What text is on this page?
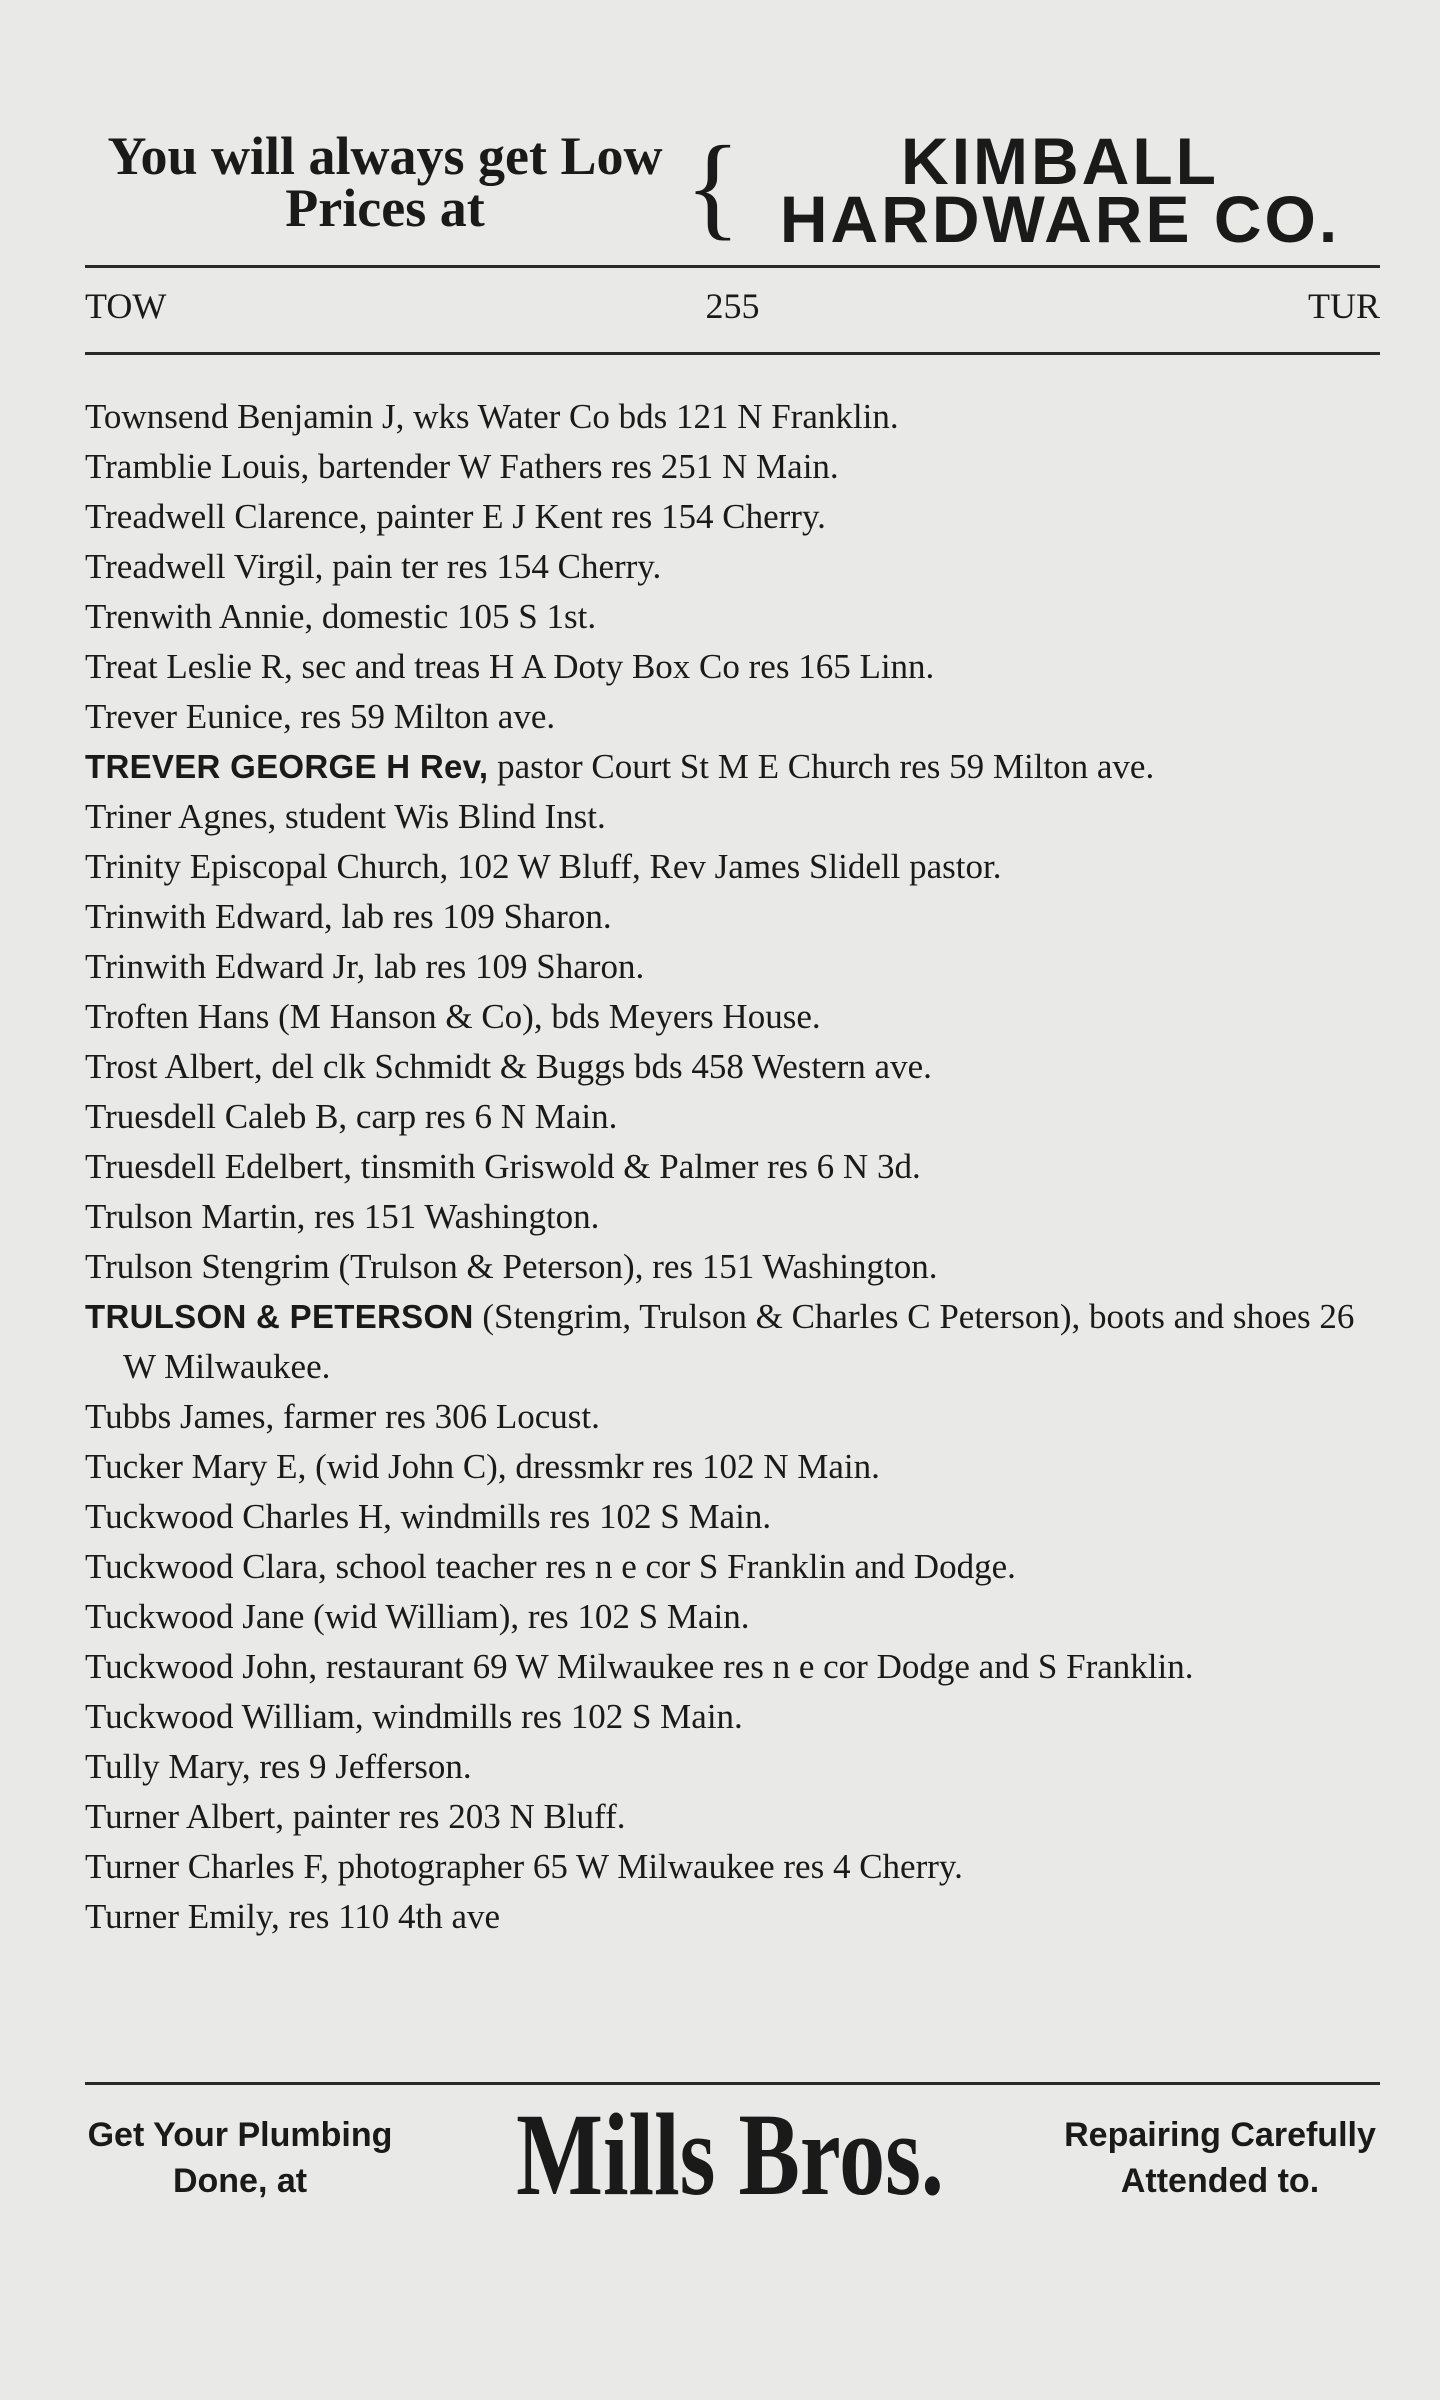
You will always get Low
Prices at	{	KIMBALL
HARDWARE CO.
TOW	255	TUR
Townsend Benjamin J, wks Water Co bds 121 N Franklin.
Tramblie Louis, bartender W Fathers res 251 N Main.
Treadwell Clarence, painter E J Kent res 154 Cherry.
Treadwell Virgil, pain ter res 154 Cherry.
Trenwith Annie, domestic 105 S 1st.
Treat Leslie R, sec and treas H A Doty Box Co res 165 Linn.
Trever Eunice, res 59 Milton ave.
TREVER GEORGE H Rev, pastor Court St M E Church res 59 Milton ave.
Triner Agnes, student Wis Blind Inst.
Trinity Episcopal Church, 102 W Bluff, Rev James Slidell pastor.
Trinwith Edward, lab res 109 Sharon.
Trinwith Edward Jr, lab res 109 Sharon.
Troften Hans (M Hanson & Co), bds Meyers House.
Trost Albert, del clk Schmidt & Buggs bds 458 Western ave.
Truesdell Caleb B, carp res 6 N Main.
Truesdell Edelbert, tinsmith Griswold & Palmer res 6 N 3d.
Trulson Martin, res 151 Washington.
Trulson Stengrim (Trulson & Peterson), res 151 Washington.
TRULSON & PETERSON (Stengrim, Trulson & Charles C Peterson), boots and shoes 26 W Milwaukee.
Tubbs James, farmer res 306 Locust.
Tucker Mary E, (wid John C), dressmkr res 102 N Main.
Tuckwood Charles H, windmills res 102 S Main.
Tuckwood Clara, school teacher res n e cor S Franklin and Dodge.
Tuckwood Jane (wid William), res 102 S Main.
Tuckwood John, restaurant 69 W Milwaukee res n e cor Dodge and S Franklin.
Tuckwood William, windmills res 102 S Main.
Tully Mary, res 9 Jefferson.
Turner Albert, painter res 203 N Bluff.
Turner Charles F, photographer 65 W Milwaukee res 4 Cherry.
Turner Emily, res 110 4th ave
Get Your Plumbing
Done, at	Mills Bros.	Repairing Carefully
Attended to.
